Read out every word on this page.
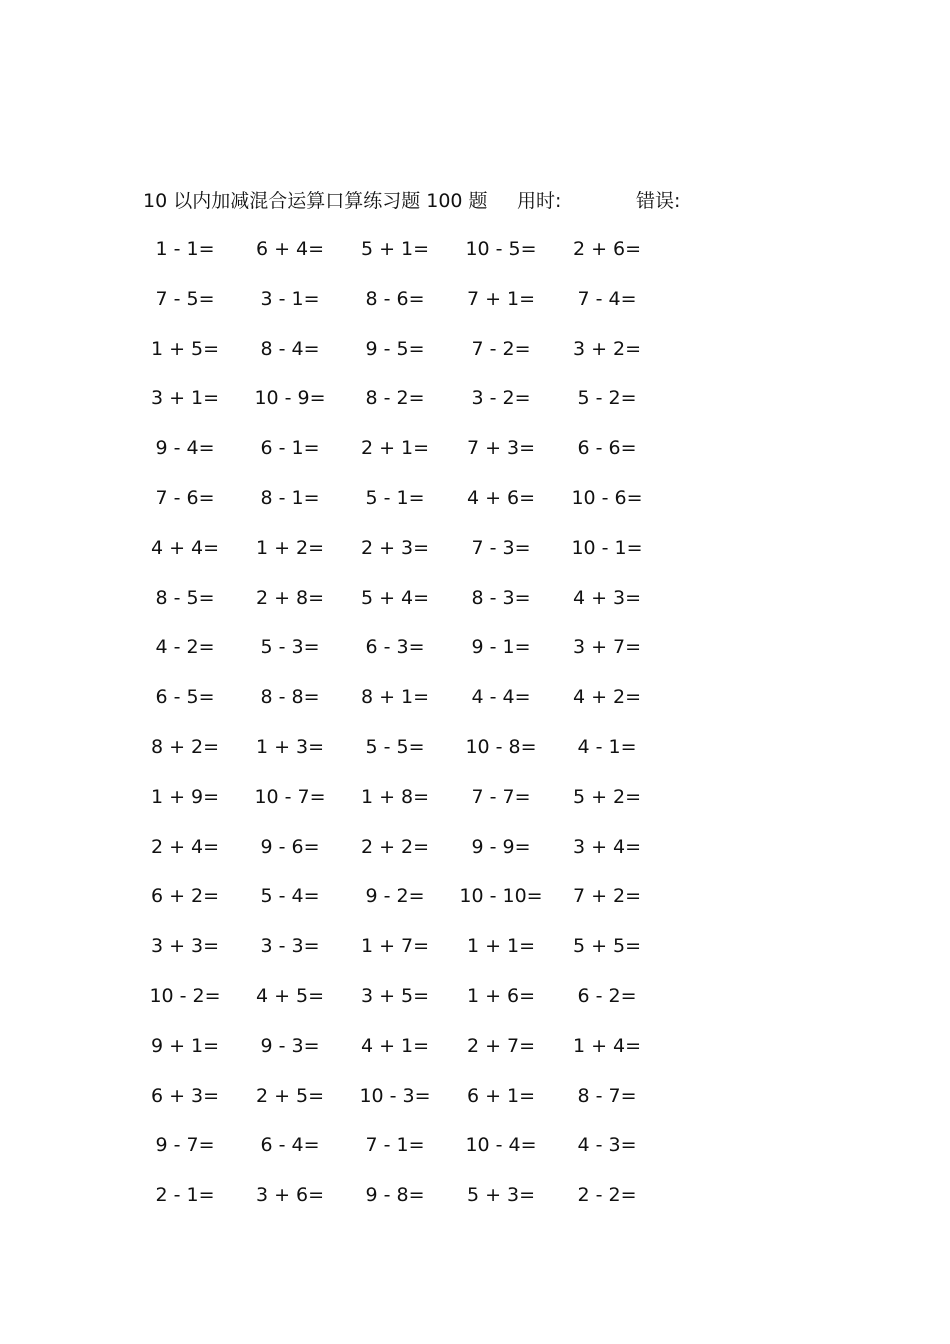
10 以内加减混合运算口算练习题 100 题 用时:	错误:
1 - 1=	6 + 4=	5 + 1=	10 - 5=	2 + 6=
7 - 5=	3 - 1=	8 - 6=	7 + 1=	7 - 4=
1 + 5=	8 - 4=	9 - 5=	7 - 2=	3 + 2=
3 + 1=	10 - 9=	8 - 2=	3 - 2=	5 - 2=
9 - 4=	6 - 1=	2 + 1=	7 + 3=	6 - 6=
7 - 6=	8 - 1=	5 - 1=	4 + 6=	10 - 6=
4 + 4=	1 + 2=	2 + 3=	7 - 3=	10 - 1=
8 - 5=	2 + 8=	5 + 4=	8 - 3=	4 + 3=
4 - 2=	5 - 3=	6 - 3=	9 - 1=	3 + 7=
6 - 5=	8 - 8=	8 + 1=	4 - 4=	4 + 2=
8 + 2=	1 + 3=	5 - 5=	10 - 8=	4 - 1=
1 + 9=	10 - 7=	1 + 8=	7 - 7=	5 + 2=
2 + 4=	9 - 6=	2 + 2=	9 - 9=	3 + 4=
6 + 2=	5 - 4=	9 - 2=	10 - 10=	7 + 2=
3 + 3=	3 - 3=	1 + 7=	1 + 1=	5 + 5=
10 - 2=	4 + 5=	3 + 5=	1 + 6=	6 - 2=
9 + 1=	9 - 3=	4 + 1=	2 + 7=	1 + 4=
6 + 3=	2 + 5=	10 - 3=	6 + 1=	8 - 7=
9 - 7=	6 - 4=	7 - 1=	10 - 4=	4 - 3=
2 - 1=	3 + 6=	9 - 8=	5 + 3=	2 - 2=
